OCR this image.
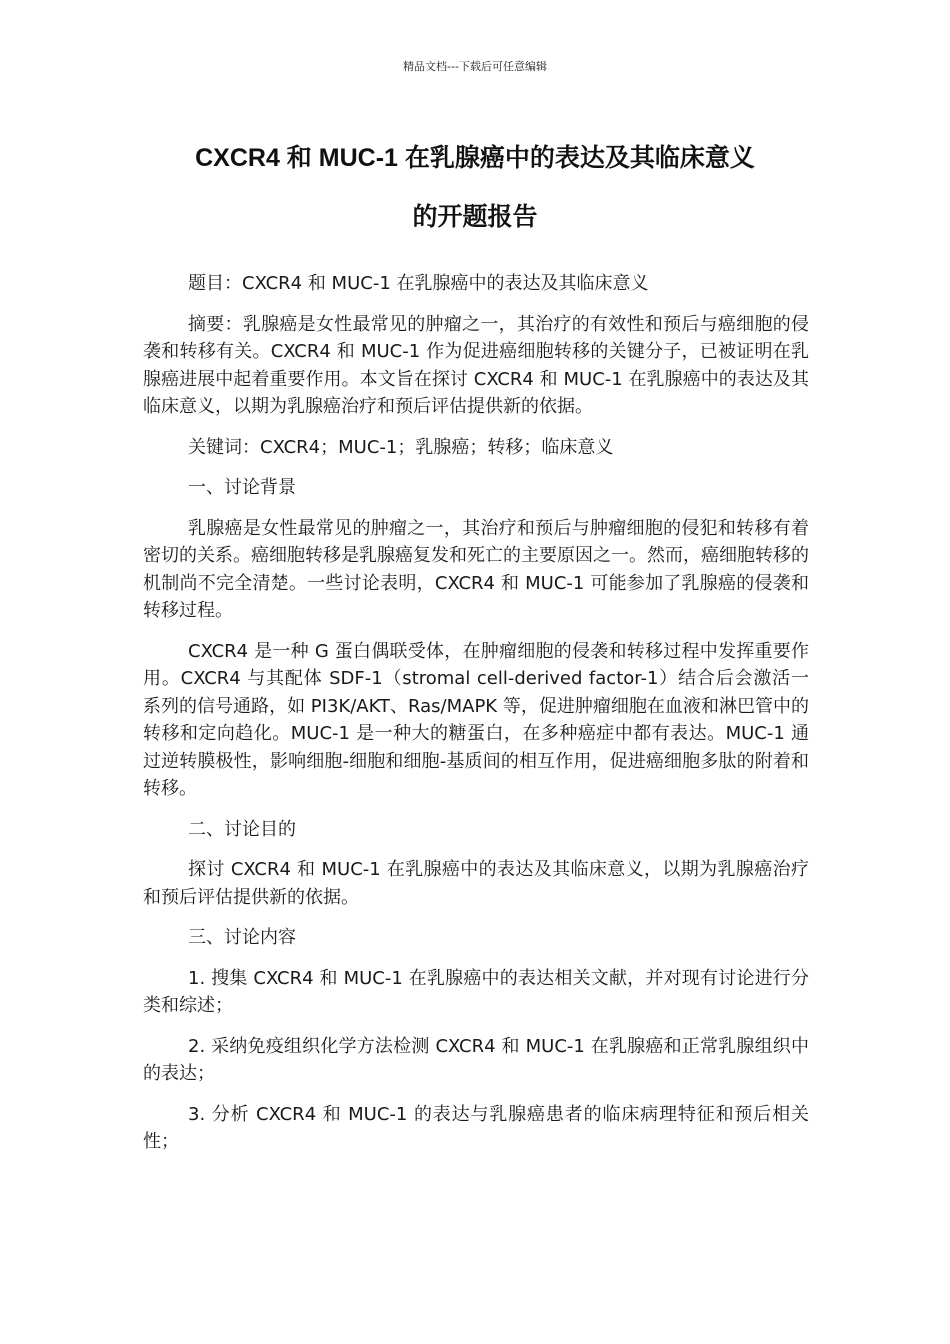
精品文档---下载后可任意编辑
CXCR4 和 MUC-1 在乳腺癌中的表达及其临床意义
的开题报告

题目：CXCR4 和 MUC-1 在乳腺癌中的表达及其临床意义

摘要：乳腺癌是女性最常见的肿瘤之一，其治疗的有效性和预后与癌细胞的侵袭和转移有关。CXCR4 和 MUC-1 作为促进癌细胞转移的关键分子，已被证明在乳腺癌进展中起着重要作用。本文旨在探讨 CXCR4 和 MUC-1 在乳腺癌中的表达及其临床意义，以期为乳腺癌治疗和预后评估提供新的依据。

关键词：CXCR4；MUC-1；乳腺癌；转移；临床意义

一、讨论背景

乳腺癌是女性最常见的肿瘤之一，其治疗和预后与肿瘤细胞的侵犯和转移有着密切的关系。癌细胞转移是乳腺癌复发和死亡的主要原因之一。然而，癌细胞转移的机制尚不完全清楚。一些讨论表明，CXCR4 和 MUC-1 可能参加了乳腺癌的侵袭和转移过程。

CXCR4 是一种 G 蛋白偶联受体，在肿瘤细胞的侵袭和转移过程中发挥重要作用。CXCR4 与其配体 SDF-1（stromal cell-derived factor-1）结合后会激活一系列的信号通路，如 PI3K/AKT、Ras/MAPK 等，促进肿瘤细胞在血液和淋巴管中的转移和定向趋化。MUC-1 是一种大的糖蛋白，在多种癌症中都有表达。MUC-1 通过逆转膜极性，影响细胞-细胞和细胞-基质间的相互作用，促进癌细胞多肽的附着和转移。

二、讨论目的

探讨 CXCR4 和 MUC-1 在乳腺癌中的表达及其临床意义，以期为乳腺癌治疗和预后评估提供新的依据。

三、讨论内容

1. 搜集 CXCR4 和 MUC-1 在乳腺癌中的表达相关文献，并对现有讨论进行分类和综述；

2. 采纳免疫组织化学方法检测 CXCR4 和 MUC-1 在乳腺癌和正常乳腺组织中的表达；

3. 分析 CXCR4 和 MUC-1 的表达与乳腺癌患者的临床病理特征和预后相关性；
